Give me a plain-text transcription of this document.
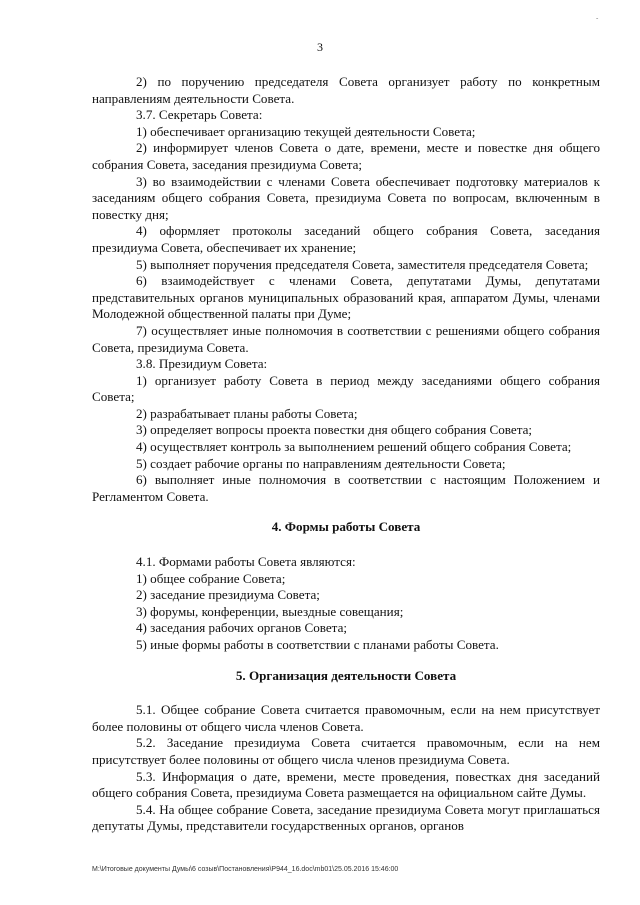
3
-

2) по поручению председателя Совета организует работу по конкретным направлениям деятельности Совета.

3.7. Секретарь Совета:

1) обеспечивает организацию текущей деятельности Совета;

2) информирует членов Совета о дате, времени, месте и повестке дня общего собрания Совета, заседания президиума Совета;

3) во взаимодействии с членами Совета обеспечивает подготовку материалов к заседаниям общего собрания Совета, президиума Совета по вопросам, включенным в повестку дня;

4) оформляет протоколы заседаний общего собрания Совета, заседания президиума Совета, обеспечивает их хранение;

5) выполняет поручения председателя Совета, заместителя председателя Совета;

6) взаимодействует с членами Совета, депутатами Думы, депутатами представительных органов муниципальных образований края, аппаратом Думы, членами Молодежной общественной палаты при Думе;

7) осуществляет иные полномочия в соответствии с решениями общего собрания Совета, президиума Совета.

3.8. Президиум Совета:

1) организует работу Совета в период между заседаниями общего собрания Совета;

2) разрабатывает планы работы Совета;

3) определяет вопросы проекта повестки дня общего собрания Совета;

4) осуществляет контроль за выполнением решений общего собрания Совета;

5) создает рабочие органы по направлениям деятельности Совета;

6) выполняет иные полномочия в соответствии с настоящим Положением и Регламентом Совета.

4. Формы работы Совета

4.1. Формами работы Совета являются:

1) общее собрание Совета;

2) заседание президиума Совета;

3) форумы, конференции, выездные совещания;

4) заседания рабочих органов Совета;

5) иные формы работы в соответствии с планами работы Совета.

5. Организация деятельности Совета

5.1. Общее собрание Совета считается правомочным, если на нем присутствует более половины от общего числа членов Совета.

5.2. Заседание президиума Совета считается правомочным, если на нем присутствует более половины от общего числа членов президиума Совета.

5.3. Информация о дате, времени, месте проведения, повестках дня заседаний общего собрания Совета, президиума Совета размещается на официальном сайте Думы.

5.4. На общее собрание Совета, заседание президиума Совета могут приглашаться депутаты Думы, представители государственных органов, органов

M:\Итоговые документы Думы\6 созыв\Постановления\P944_16.doc\mb01\25.05.2016 15:46:00
